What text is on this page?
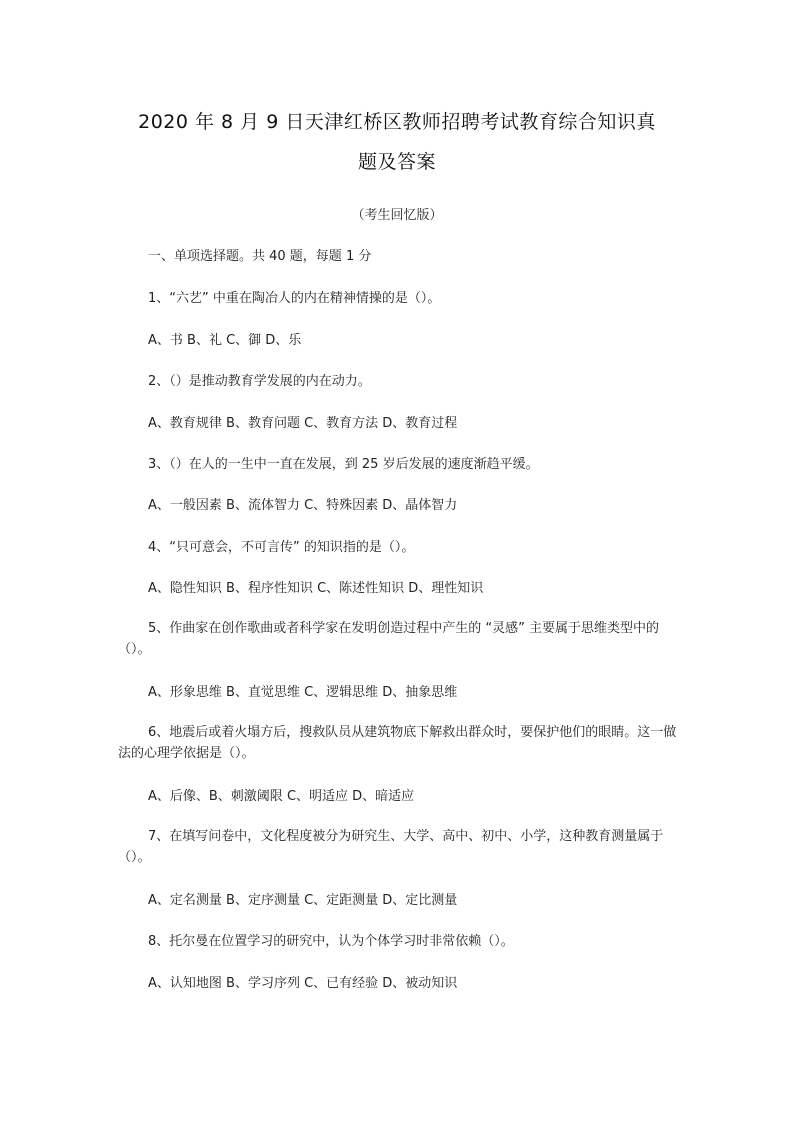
2020 年 8 月 9 日天津红桥区教师招聘考试教育综合知识真
题及答案
（考生回忆版）
一、单项选择题。共 40 题，每题 1 分
1、“六艺” 中重在陶冶人的内在精神情操的是（）。
A、书 B、礼 C、御 D、乐
2、（）是推动教育学发展的内在动力。
A、教育规律 B、教育问题 C、教育方法 D、教育过程
3、（）在人的一生中一直在发展，到 25 岁后发展的速度渐趋平缓。
A、一般因素 B、流体智力 C、特殊因素 D、晶体智力
4、“只可意会，不可言传” 的知识指的是（）。
A、隐性知识 B、程序性知识 C、陈述性知识 D、理性知识
5、作曲家在创作歌曲或者科学家在发明创造过程中产生的 “灵感” 主要属于思维类型中的（）。
A、形象思维 B、直觉思维 C、逻辑思维 D、抽象思维
6、地震后或着火塌方后，搜救队员从建筑物底下解救出群众时，要保护他们的眼睛。这一做法的心理学依据是（）。
A、后像、B、刺激阈限 C、明适应 D、暗适应
7、在填写问卷中，文化程度被分为研究生、大学、高中、初中、小学，这种教育测量属于（）。
A、定名测量 B、定序测量 C、定距测量 D、定比测量
8、托尔曼在位置学习的研究中，认为个体学习时非常依赖（）。
A、认知地图 B、学习序列 C、已有经验 D、被动知识
